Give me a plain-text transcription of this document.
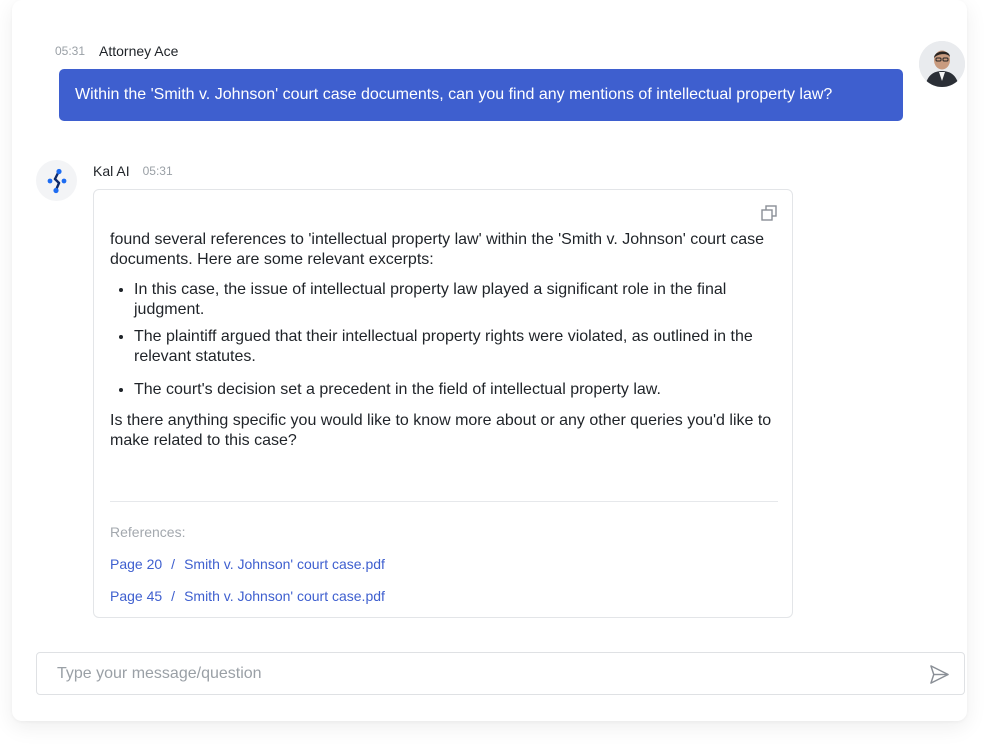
05:31 Attorney Ace
Within the 'Smith v. Johnson' court case documents, can you find any mentions of intellectual property law?
Kal AI 05:31

found several references to 'intellectual property law' within the 'Smith v. Johnson' court case documents. Here are some relevant excerpts:

• In this case, the issue of intellectual property law played a significant role in the final judgment.
• The plaintiff argued that their intellectual property rights were violated, as outlined in the relevant statutes.
• The court's decision set a precedent in the field of intellectual property law.

Is there anything specific you would like to know more about or any other queries you'd like to make related to this case?

References:
Page 20 / Smith v. Johnson' court case.pdf
Page 45 / Smith v. Johnson' court case.pdf
Type your message/question
